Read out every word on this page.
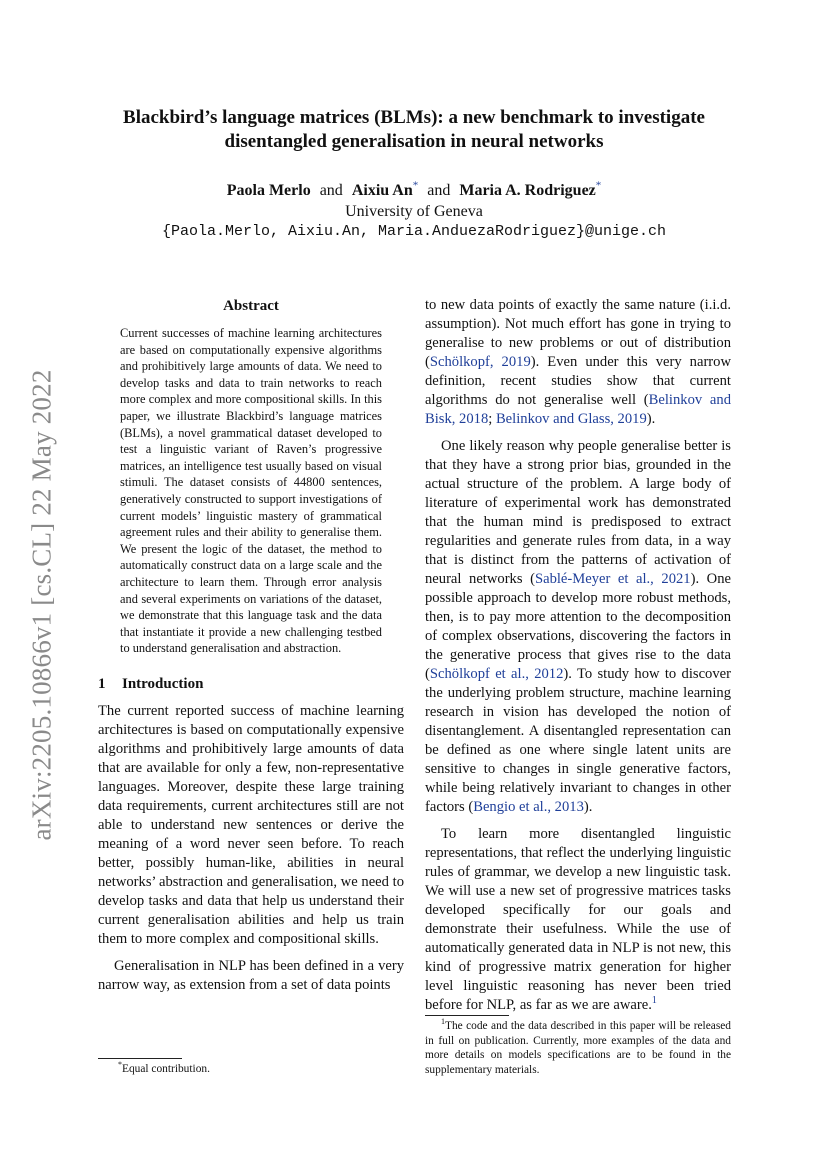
arXiv:2205.10866v1 [cs.CL] 22 May 2022
Blackbird’s language matrices (BLMs): a new benchmark to investigate
disentangled generalisation in neural networks
Paola Merlo and Aixiu An* and Maria A. Rodriguez*
University of Geneva
{Paola.Merlo, Aixiu.An, Maria.AnduezaRodriguez}@unige.ch
Abstract

Current successes of machine learning architectures are based on computationally expensive algorithms and prohibitively large amounts of data. We need to develop tasks and data to train networks to reach more complex and more compositional skills. In this paper, we illustrate Blackbird’s language matrices (BLMs), a novel grammatical dataset developed to test a linguistic variant of Raven’s progressive matrices, an intelligence test usually based on visual stimuli. The dataset consists of 44800 sentences, generatively constructed to support investigations of current models’ linguistic mastery of grammatical agreement rules and their ability to generalise them. We present the logic of the dataset, the method to automatically construct data on a large scale and the architecture to learn them. Through error analysis and several experiments on variations of the dataset, we demonstrate that this language task and the data that instantiate it provide a new challenging testbed to understand generalisation and abstraction.

1 Introduction

The current reported success of machine learning architectures is based on computationally expensive algorithms and prohibitively large amounts of data that are available for only a few, non-representative languages. Moreover, despite these large training data requirements, current architectures still are not able to understand new sentences or derive the meaning of a word never seen before. To reach better, possibly human-like, abilities in neural networks’ abstraction and generalisation, we need to develop tasks and data that help us understand their current generalisation abilities and help us train them to more complex and compositional skills.

Generalisation in NLP has been defined in a very narrow way, as extension from a set of data points

to new data points of exactly the same nature (i.i.d. assumption). Not much effort has gone in trying to generalise to new problems or out of distribution (Schölkopf, 2019). Even under this very narrow definition, recent studies show that current algorithms do not generalise well (Belinkov and Bisk, 2018; Belinkov and Glass, 2019).

One likely reason why people generalise better is that they have a strong prior bias, grounded in the actual structure of the problem. A large body of literature of experimental work has demonstrated that the human mind is predisposed to extract regularities and generate rules from data, in a way that is distinct from the patterns of activation of neural networks (Sablé-Meyer et al., 2021). One possible approach to develop more robust methods, then, is to pay more attention to the decomposition of complex observations, discovering the factors in the generative process that gives rise to the data (Schölkopf et al., 2012). To study how to discover the underlying problem structure, machine learning research in vision has developed the notion of disentanglement. A disentangled representation can be defined as one where single latent units are sensitive to changes in single generative factors, while being relatively invariant to changes in other factors (Bengio et al., 2013).

To learn more disentangled linguistic representations, that reflect the underlying linguistic rules of grammar, we develop a new linguistic task. We will use a new set of progressive matrices tasks developed specifically for our goals and demonstrate their usefulness. While the use of automatically generated data in NLP is not new, this kind of progressive matrix generation for higher level linguistic reasoning has never been tried before for NLP, as far as we are aware.$^1$

*Equal contribution.
$^1$The code and the data described in this paper will be released in full on publication. Currently, more examples of the data and more details on models specifications are to be found in the supplementary materials.
